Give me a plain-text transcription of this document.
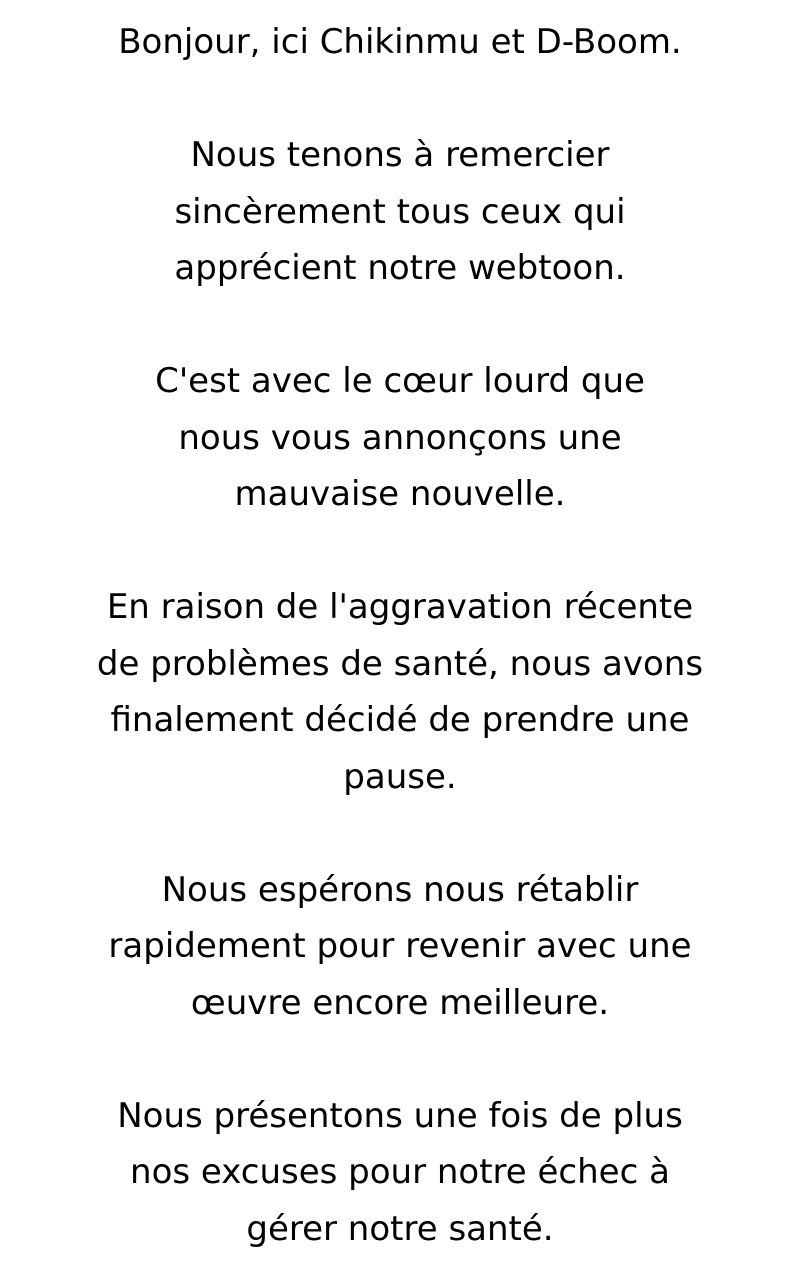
Bonjour, ici Chikinmu et D-Boom.

Nous tenons à remercier
sincèrement tous ceux qui
apprécient notre webtoon.

C'est avec le cœur lourd que
nous vous annonçons une
mauvaise nouvelle.

En raison de l'aggravation récente
de problèmes de santé, nous avons
finalement décidé de prendre une
pause.

Nous espérons nous rétablir
rapidement pour revenir avec une
œuvre encore meilleure.

Nous présentons une fois de plus
nos excuses pour notre échec à
gérer notre santé.
